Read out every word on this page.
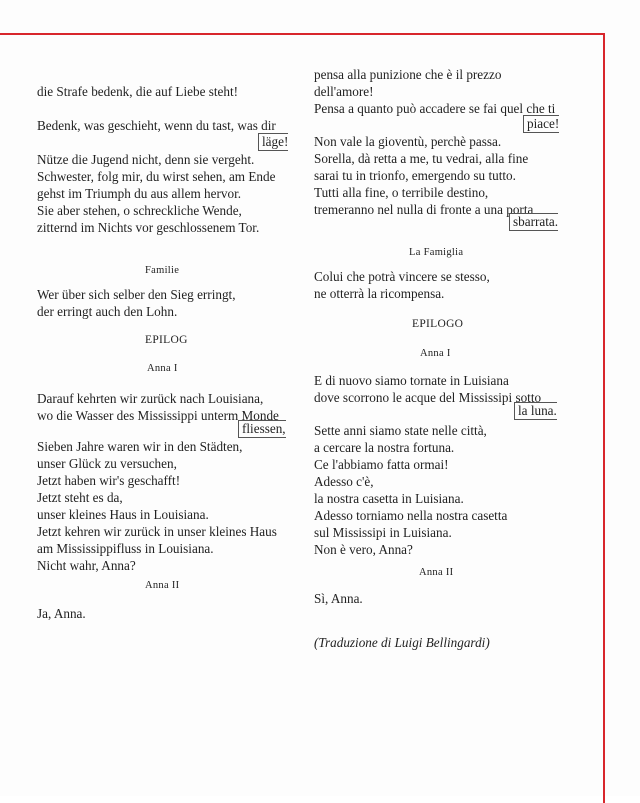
die Strafe bedenk, die auf Liebe steht!
Bedenk, was geschieht, wenn du tast, was dir
läge!
Nütze die Jugend nicht, denn sie vergeht.
Schwester, folg mir, du wirst sehen, am Ende
gehst im Triumph du aus allem hervor.
Sie aber stehen, o schreckliche Wende,
zitternd im Nichts vor geschlossenem Tor.
Familie
Wer über sich selber den Sieg erringt,
der erringt auch den Lohn.
EPILOG
Anna I
Darauf kehrten wir zurück nach Louisiana,
wo die Wasser des Mississippi unterm Monde
fliessen,
Sieben Jahre waren wir in den Städten,
unser Glück zu versuchen,
Jetzt haben wir's geschafft!
Jetzt steht es da,
unser kleines Haus in Louisiana.
Jetzt kehren wir zurück in unser kleines Haus
am Mississippifluss in Louisiana.
Nicht wahr, Anna?
Anna II
Ja, Anna.
pensa alla punizione che è il prezzo
dell'amore!
Pensa a quanto può accadere se fai quel che ti
piace!
Non vale la gioventù, perchè passa.
Sorella, dà retta a me, tu vedrai, alla fine
sarai tu in trionfo, emergendo su tutto.
Tutti alla fine, o terribile destino,
tremeranno nel nulla di fronte a una porta
sbarrata.
La Famiglia
Colui che potrà vincere se stesso,
ne otterrà la ricompensa.
EPILOGO
Anna I
E di nuovo siamo tornate in Luisiana
dove scorrono le acque del Mississipi sotto
la luna.
Sette anni siamo state nelle città,
a cercare la nostra fortuna.
Ce l'abbiamo fatta ormai!
Adesso c'è,
la nostra casetta in Luisiana.
Adesso torniamo nella nostra casetta
sul Mississipi in Luisiana.
Non è vero, Anna?
Anna II
Sì, Anna.
(Traduzione di Luigi Bellingardi)
